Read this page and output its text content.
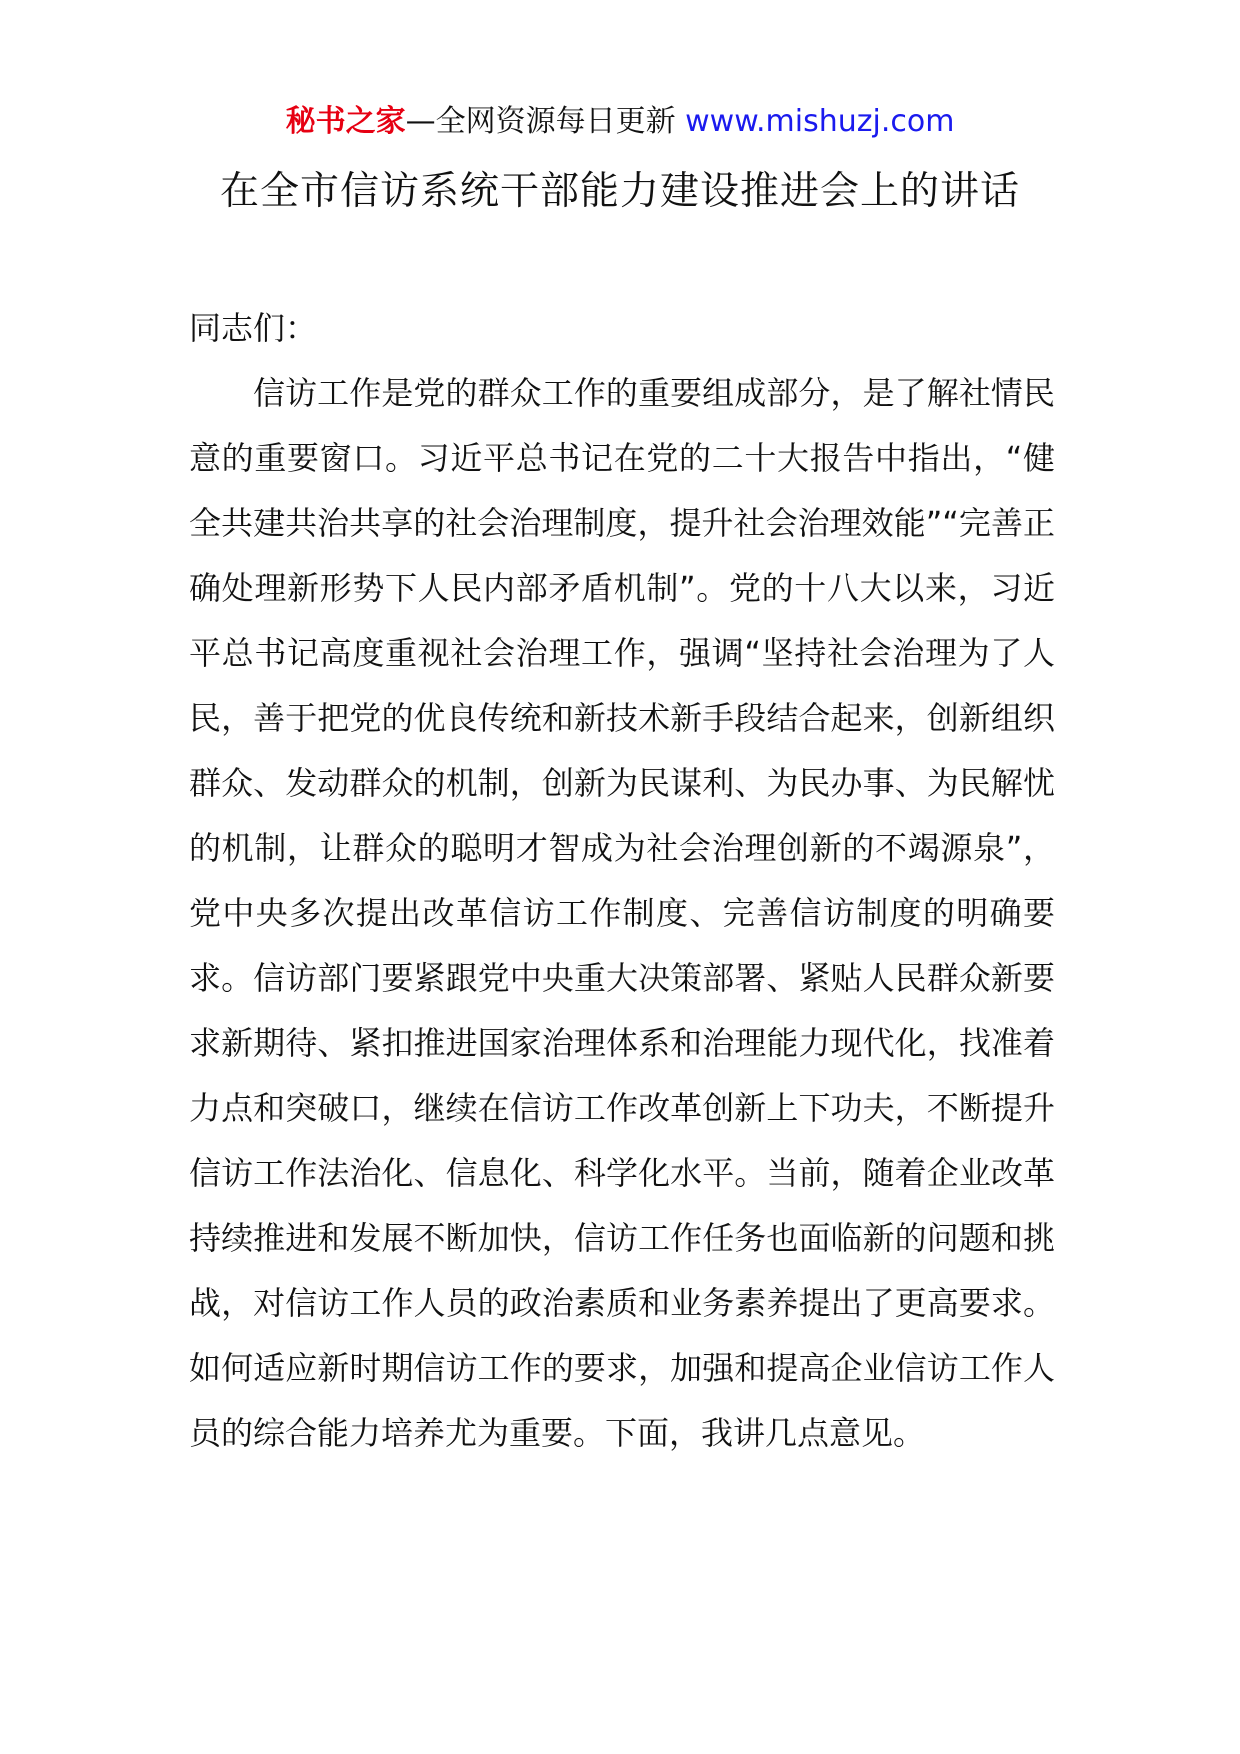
秘书之家—全网资源每日更新 www.mishuzj.com
在全市信访系统干部能力建设推进会上的讲话

同志们：

信访工作是党的群众工作的重要组成部分，是了解社情民意的重要窗口。习近平总书记在党的二十大报告中指出，“健全共建共治共享的社会治理制度，提升社会治理效能”“完善正确处理新形势下人民内部矛盾机制”。党的十八大以来，习近平总书记高度重视社会治理工作，强调“坚持社会治理为了人民，善于把党的优良传统和新技术新手段结合起来，创新组织群众、发动群众的机制，创新为民谋利、为民办事、为民解忧的机制，让群众的聪明才智成为社会治理创新的不竭源泉”，党中央多次提出改革信访工作制度、完善信访制度的明确要求。信访部门要紧跟党中央重大决策部署、紧贴人民群众新要求新期待、紧扣推进国家治理体系和治理能力现代化，找准着力点和突破口，继续在信访工作改革创新上下功夫，不断提升信访工作法治化、信息化、科学化水平。当前，随着企业改革持续推进和发展不断加快，信访工作任务也面临新的问题和挑战，对信访工作人员的政治素质和业务素养提出了更高要求。如何适应新时期信访工作的要求，加强和提高企业信访工作人员的综合能力培养尤为重要。下面，我讲几点意见。
